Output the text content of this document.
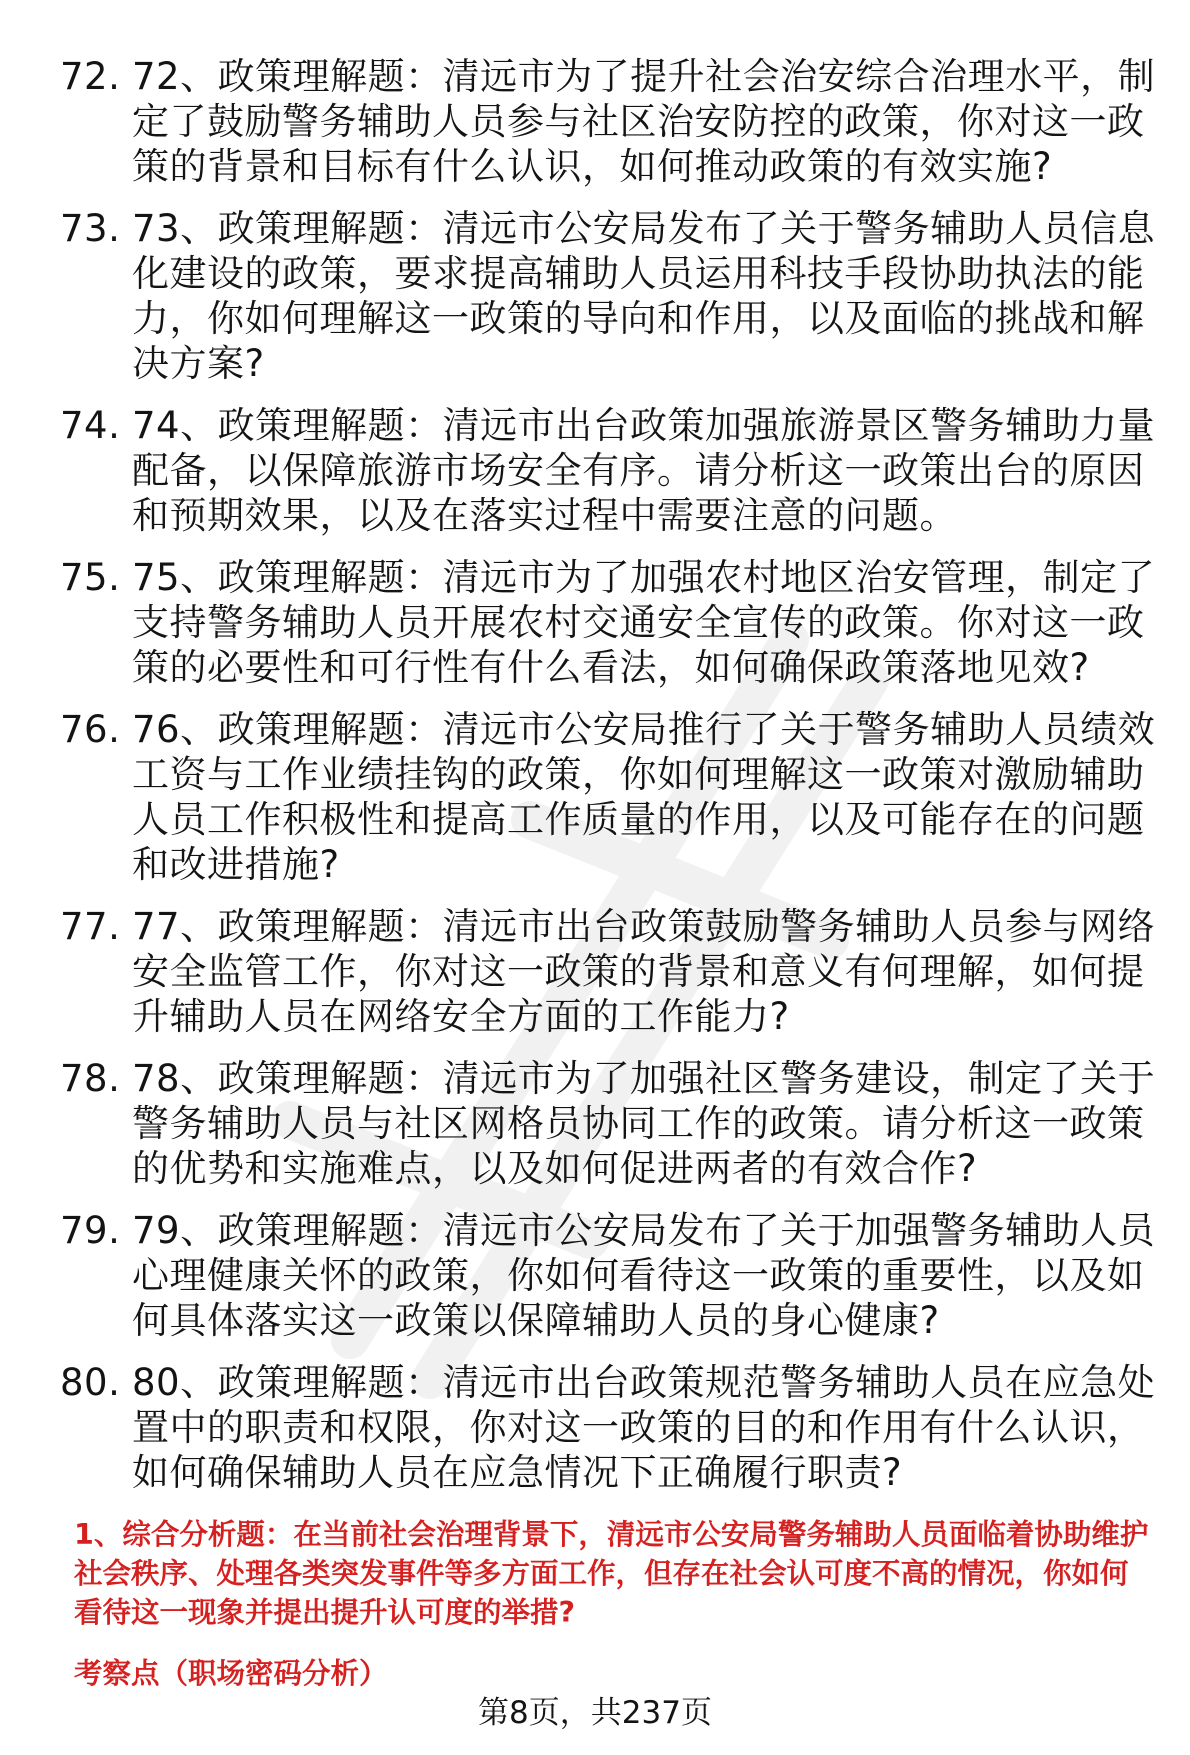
72. 72、政策理解题：清远市为了提升社会治安综合治理水平，制定了鼓励警务辅助人员参与社区治安防控的政策，你对这一政策的背景和目标有什么认识，如何推动政策的有效实施?
73. 73、政策理解题：清远市公安局发布了关于警务辅助人员信息化建设的政策，要求提高辅助人员运用科技手段协助执法的能力，你如何理解这一政策的导向和作用，以及面临的挑战和解决方案?
74. 74、政策理解题：清远市出台政策加强旅游景区警务辅助力量配备，以保障旅游市场安全有序。请分析这一政策出台的原因和预期效果，以及在落实过程中需要注意的问题。
75. 75、政策理解题：清远市为了加强农村地区治安管理，制定了支持警务辅助人员开展农村交通安全宣传的政策。你对这一政策的必要性和可行性有什么看法，如何确保政策落地见效?
76. 76、政策理解题：清远市公安局推行了关于警务辅助人员绩效工资与工作业绩挂钩的政策，你如何理解这一政策对激励辅助人员工作积极性和提高工作质量的作用，以及可能存在的问题和改进措施?
77. 77、政策理解题：清远市出台政策鼓励警务辅助人员参与网络安全监管工作，你对这一政策的背景和意义有何理解，如何提升辅助人员在网络安全方面的工作能力?
78. 78、政策理解题：清远市为了加强社区警务建设，制定了关于警务辅助人员与社区网格员协同工作的政策。请分析这一政策的优势和实施难点，以及如何促进两者的有效合作?
79. 79、政策理解题：清远市公安局发布了关于加强警务辅助人员心理健康关怀的政策，你如何看待这一政策的重要性，以及如何具体落实这一政策以保障辅助人员的身心健康?
80. 80、政策理解题：清远市出台政策规范警务辅助人员在应急处置中的职责和权限，你对这一政策的目的和作用有什么认识，如何确保辅助人员在应急情况下正确履行职责?

1、综合分析题：在当前社会治理背景下，清远市公安局警务辅助人员面临着协助维护社会秩序、处理各类突发事件等多方面工作，但存在社会认可度不高的情况，你如何看待这一现象并提出提升认可度的举措?

考察点（职场密码分析）

第8页，共237页
